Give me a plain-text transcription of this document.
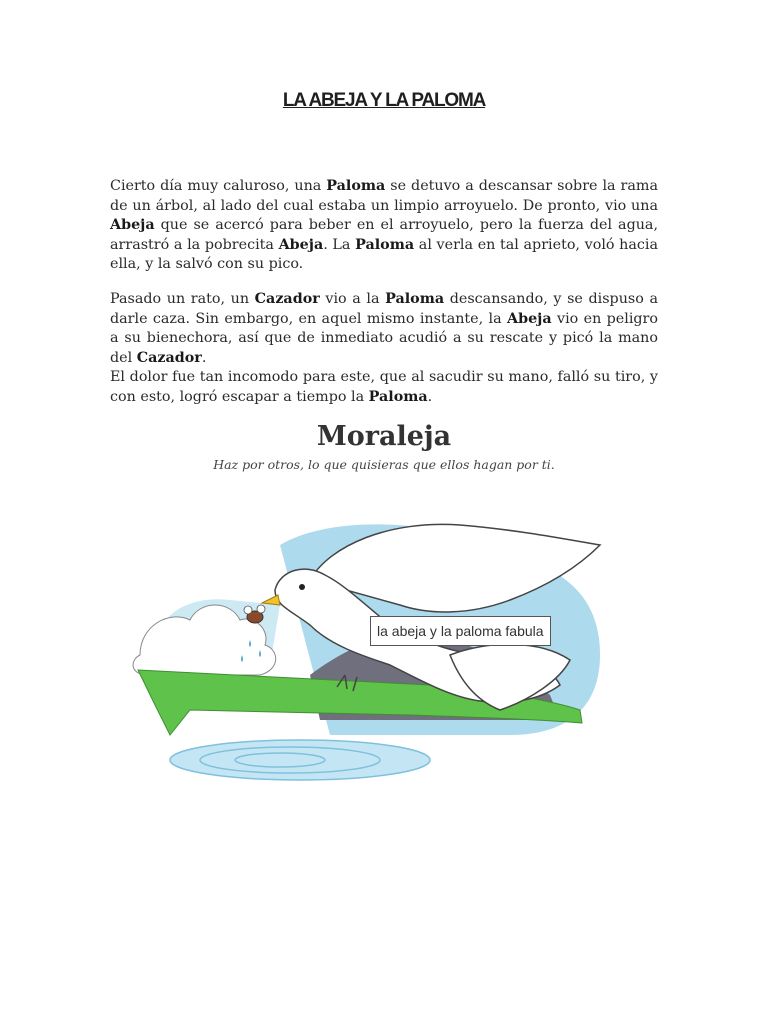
LA ABEJA Y LA PALOMA
Cierto día muy caluroso, una Paloma se detuvo a descansar sobre la rama de un árbol, al lado del cual estaba un limpio arroyuelo. De pronto, vio una Abeja que se acercó para beber en el arroyuelo, pero la fuerza del agua, arrastró a la pobrecita Abeja. La Paloma al verla en tal aprieto, voló hacia ella, y la salvó con su pico.
Pasado un rato, un Cazador vio a la Paloma descansando, y se dispuso a darle caza. Sin embargo, en aquel mismo instante, la Abeja vio en peligro a su bienechora, así que de inmediato acudió a su rescate y picó la mano del Cazador.
El dolor fue tan incomodo para este, que al sacudir su mano, falló su tiro, y con esto, logró escapar a tiempo la Paloma.
Moraleja
Haz por otros, lo que quisieras que ellos hagan por ti.
la abeja y la paloma fabula
